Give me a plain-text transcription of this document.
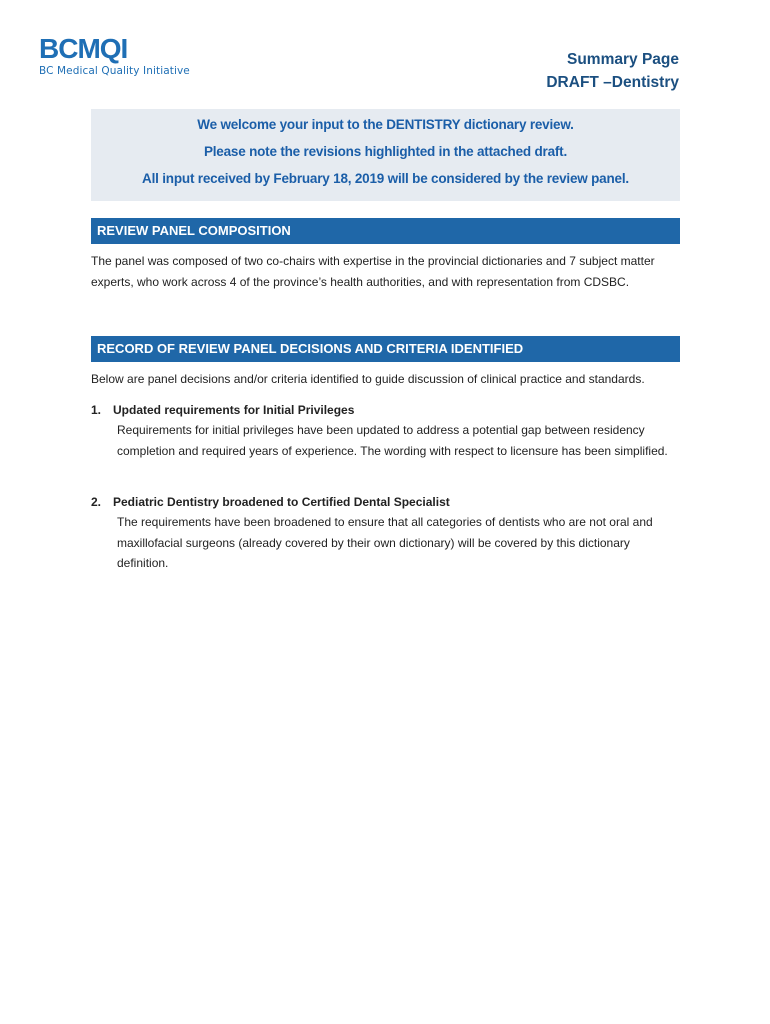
BCMQI
BC Medical Quality Initiative
Summary Page
DRAFT –Dentistry
We welcome your input to the DENTISTRY dictionary review.
Please note the revisions highlighted in the attached draft.
All input received by February 18, 2019 will be considered by the review panel.
REVIEW PANEL COMPOSITION
The panel was composed of two co-chairs with expertise in the provincial dictionaries and 7 subject matter experts, who work across 4 of the province’s health authorities, and with representation from CDSBC.
RECORD OF REVIEW PANEL DECISIONS AND CRITERIA IDENTIFIED
Below are panel decisions and/or criteria identified to guide discussion of clinical practice and standards.
1. Updated requirements for Initial Privileges
Requirements for initial privileges have been updated to address a potential gap between residency completion and required years of experience. The wording with respect to licensure has been simplified.
2. Pediatric Dentistry broadened to Certified Dental Specialist
The requirements have been broadened to ensure that all categories of dentists who are not oral and maxillofacial surgeons (already covered by their own dictionary) will be covered by this dictionary definition.
